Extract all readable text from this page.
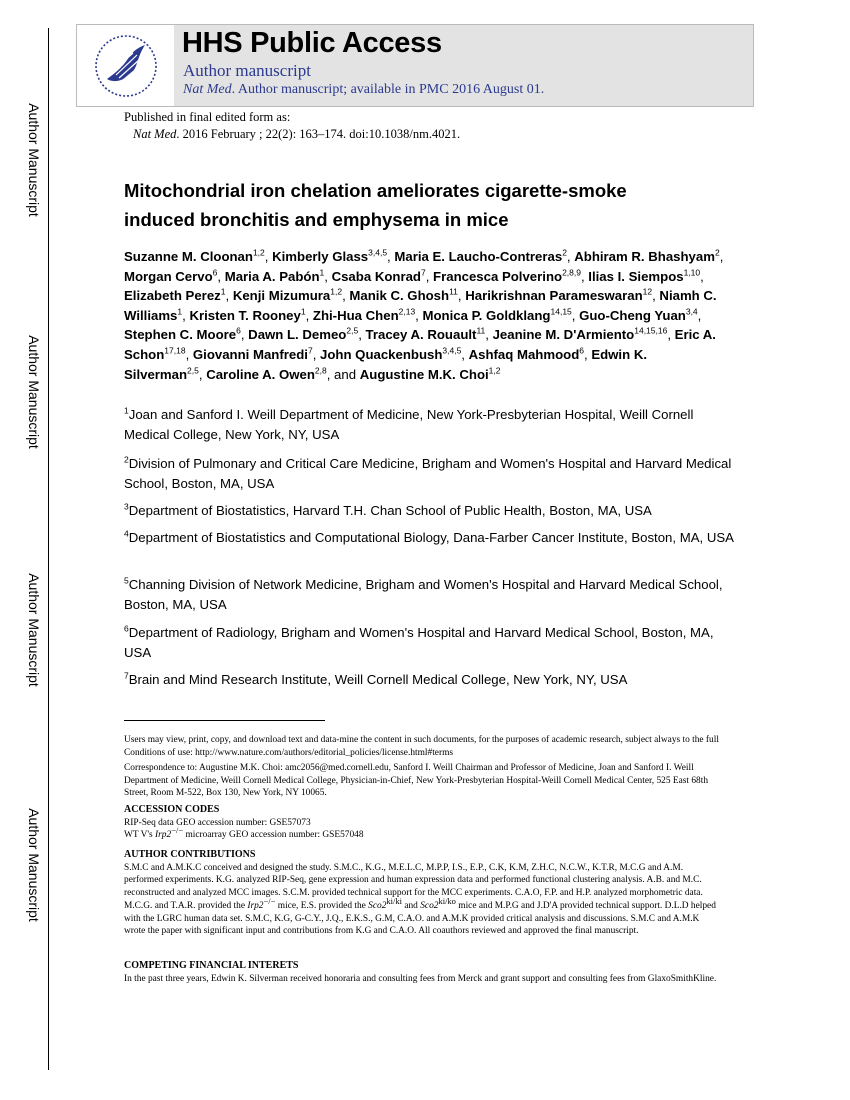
Author Manuscript
Author Manuscript
Author Manuscript
Author Manuscript
HHS Public Access
Author manuscript
Nat Med. Author manuscript; available in PMC 2016 August 01.
Published in final edited form as:
Nat Med. 2016 February ; 22(2): 163–174. doi:10.1038/nm.4021.
Mitochondrial iron chelation ameliorates cigarette-smoke
induced bronchitis and emphysema in mice
Suzanne M. Cloonan$^{1,2}$, Kimberly Glass$^{3,4,5}$, Maria E. Laucho-Contreras$^2$, Abhiram R. Bhashyam$^2$, Morgan Cervo$^6$, Maria A. Pabón$^1$, Csaba Konrad$^7$, Francesca Polverino$^{2,8,9}$, Ilias I. Siempos$^{1,10}$, Elizabeth Perez$^1$, Kenji Mizumura$^{1,2}$, Manik C. Ghosh$^{11}$, Harikrishnan Parameswaran$^{12}$, Niamh C. Williams$^1$, Kristen T. Rooney$^1$, Zhi-Hua Chen$^{2,13}$, Monica P. Goldklang$^{14,15}$, Guo-Cheng Yuan$^{3,4}$, Stephen C. Moore$^6$, Dawn L. Demeo$^{2,5}$, Tracey A. Rouault$^{11}$, Jeanine M. D'Armiento$^{14,15,16}$, Eric A. Schon$^{17,18}$, Giovanni Manfredi$^7$, John Quackenbush$^{3,4,5}$, Ashfaq Mahmood$^6$, Edwin K. Silverman$^{2,5}$, Caroline A. Owen$^{2,8}$, and Augustine M.K. Choi$^{1,2}$
$^1$Joan and Sanford I. Weill Department of Medicine, New York-Presbyterian Hospital, Weill Cornell Medical College, New York, NY, USA
$^2$Division of Pulmonary and Critical Care Medicine, Brigham and Women's Hospital and Harvard Medical School, Boston, MA, USA
$^3$Department of Biostatistics, Harvard T.H. Chan School of Public Health, Boston, MA, USA
$^4$Department of Biostatistics and Computational Biology, Dana-Farber Cancer Institute, Boston, MA, USA
$^5$Channing Division of Network Medicine, Brigham and Women's Hospital and Harvard Medical School, Boston, MA, USA
$^6$Department of Radiology, Brigham and Women's Hospital and Harvard Medical School, Boston, MA, USA
$^7$Brain and Mind Research Institute, Weill Cornell Medical College, New York, NY, USA

Users may view, print, copy, and download text and data-mine the content in such documents, for the purposes of academic research, subject always to the full Conditions of use: http://www.nature.com/authors/editorial_policies/license.html#terms

Correspondence to: Augustine M.K. Choi: amc2056@med.cornell.edu, Sanford I. Weill Chairman and Professor of Medicine, Joan and Sanford I. Weill Department of Medicine, Weill Cornell Medical College, Physician-in-Chief, New York-Presbyterian Hospital-Weill Cornell Medical Center, 525 East 68th Street, Room M-522, Box 130, New York, NY 10065.

ACCESSION CODES

RIP-Seq data GEO accession number: GSE57073

WT V's Irp2−/− microarray GEO accession number: GSE57048

AUTHOR CONTRIBUTIONS

S.M.C and A.M.K.C conceived and designed the study. S.M.C., K.G., M.E.L.C, M.P.P, I.S., E.P., C.K, K.M, Z.H.C, N.C.W., K.T.R, M.C.G and A.M. performed experiments. K.G. analyzed RIP-Seq, gene expression and human expression data and performed functional clustering analysis. A.B. and M.C. reconstructed and analyzed MCC images. S.C.M. provided technical support for the MCC experiments. C.A.O, F.P. and H.P. analyzed morphometric data. M.C.G. and T.A.R. provided the Irp2−/− mice, E.S. provided the $Sco2^{ki/ki}$ and $Sco2^{ki/ko}$ mice and M.P.G and J.D'A provided technical support. D.L.D helped with the LGRC human data set. S.M.C, K.G, G-C.Y., J.Q., E.K.S., G.M, C.A.O. and A.M.K provided critical analysis and discussions. S.M.C and A.M.K wrote the paper with significant input and contributions from K.G and C.A.O. All coauthors reviewed and approved the final manuscript.

COMPETING FINANCIAL INTERETS

In the past three years, Edwin K. Silverman received honoraria and consulting fees from Merck and grant support and consulting fees from GlaxoSmithKline.
